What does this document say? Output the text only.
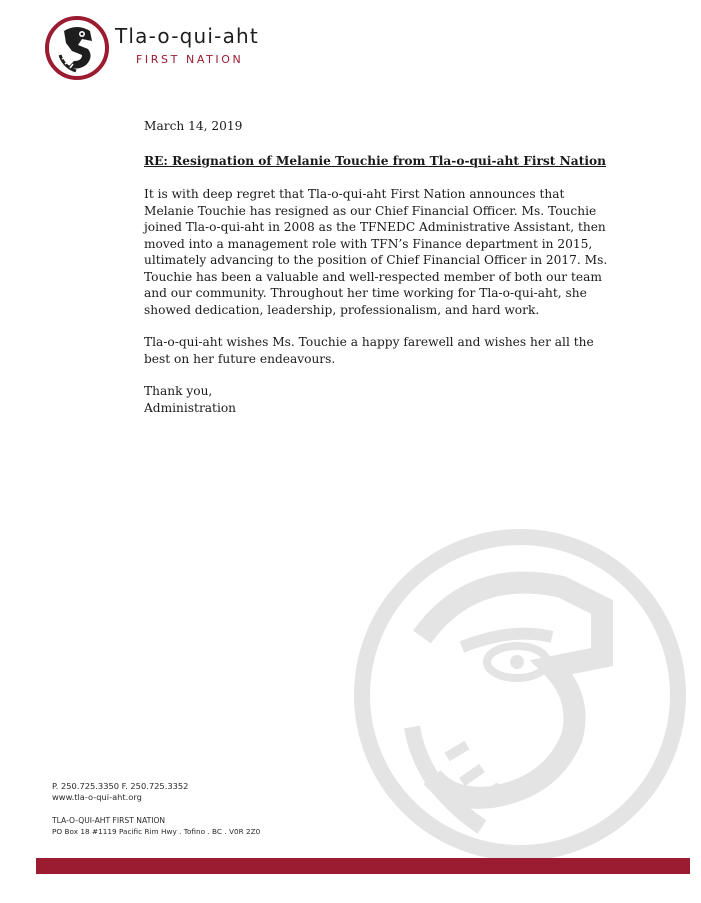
Tla-o-qui-aht
FIRST NATION

March 14, 2019

RE: Resignation of Melanie Touchie from Tla-o-qui-aht First Nation

It is with deep regret that Tla-o-qui-aht First Nation announces that Melanie Touchie has resigned as our Chief Financial Officer. Ms. Touchie joined Tla-o-qui-aht in 2008 as the TFNEDC Administrative Assistant, then moved into a management role with TFN’s Finance department in 2015, ultimately advancing to the position of Chief Financial Officer in 2017. Ms. Touchie has been a valuable and well-respected member of both our team and our community. Throughout her time working for Tla-o-qui-aht, she showed dedication, leadership, professionalism, and hard work.

Tla-o-qui-aht wishes Ms. Touchie a happy farewell and wishes her all the best on her future endeavours.

Thank you,

Administration

P. 250.725.3350 F. 250.725.3352
www.tla-o-qui-aht.org
TLA-O-QUI-AHT FIRST NATION
PO Box 18 #1119 Pacific Rim Hwy . Tofino . BC . V0R 2Z0
